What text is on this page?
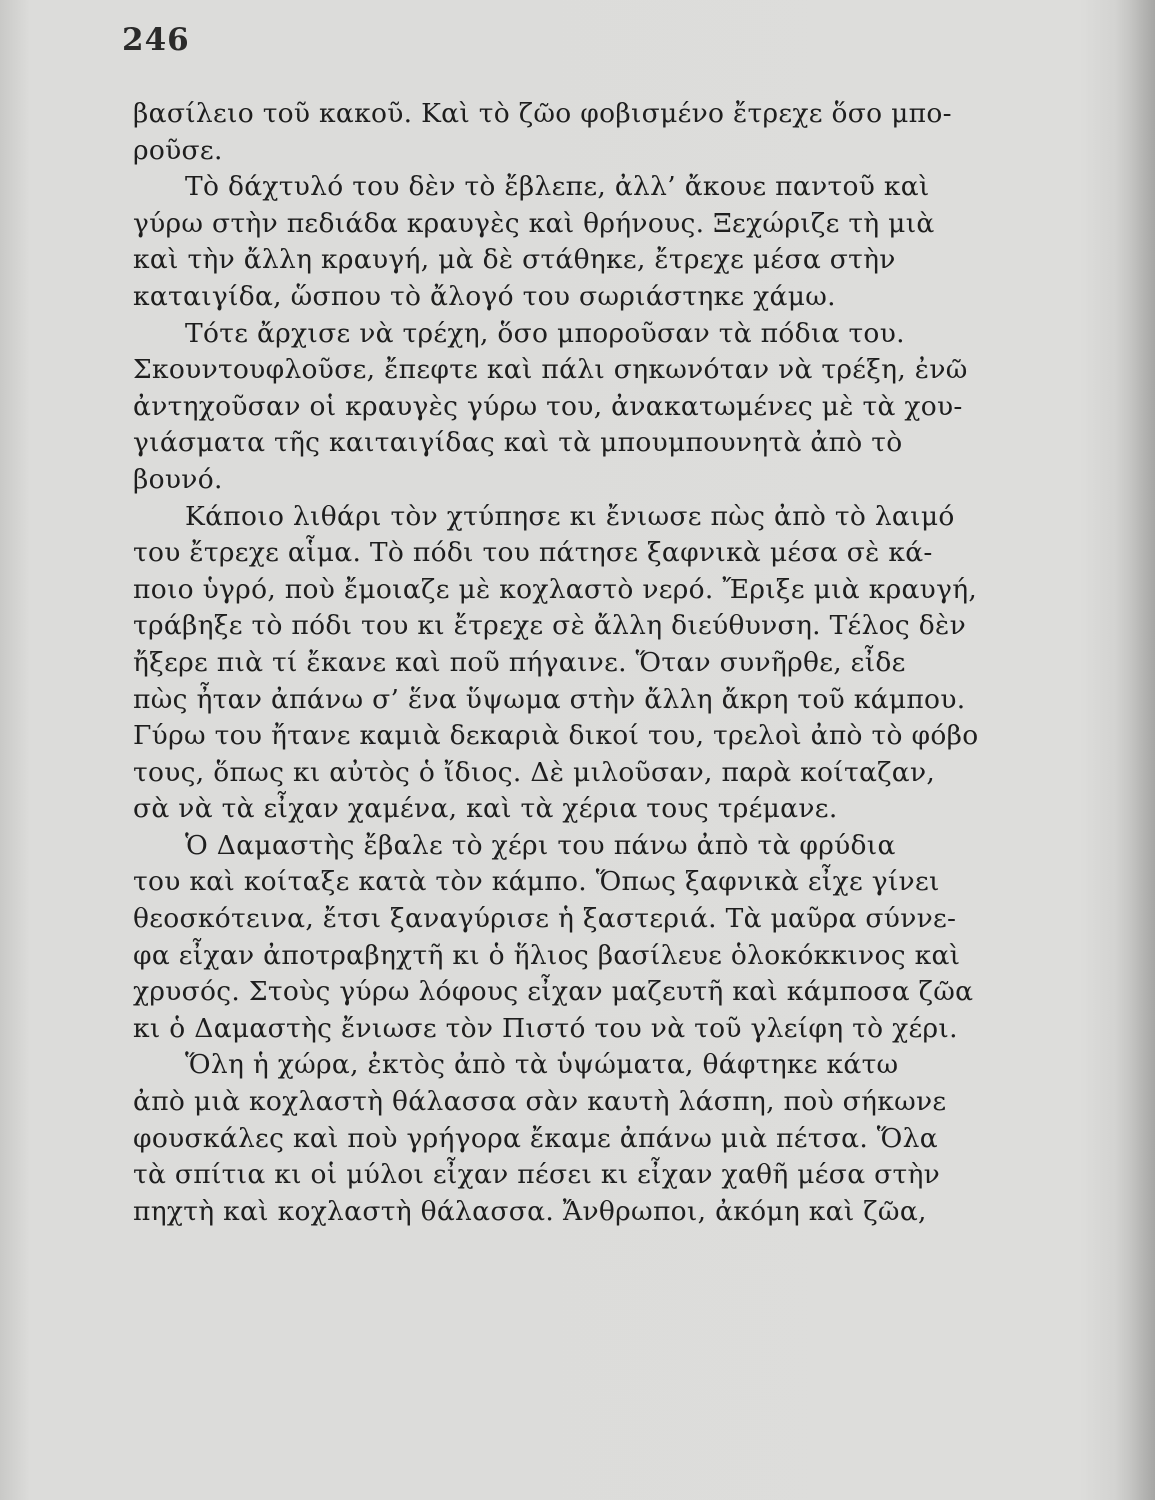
246
βασίλειο τοῦ κακοῦ. Καὶ τὸ ζῶο φοβισμένο ἔτρεχε ὅσο μπο-
ροῦσε.
Τὸ δάχτυλό του δὲν τὸ ἔβλεπε, ἀλλ’ ἄκουε παντοῦ καὶ
γύρω στὴν πεδιάδα κραυγὲς καὶ θρήνους. Ξεχώριζε τὴ μιὰ
καὶ τὴν ἄλλη κραυγή, μὰ δὲ στάθηκε, ἔτρεχε μέσα στὴν
καταιγίδα, ὥσπου τὸ ἄλογό του σωριάστηκε χάμω.
Τότε ἄρχισε νὰ τρέχη, ὅσο μποροῦσαν τὰ πόδια του.
Σκουντουφλοῦσε, ἔπεφτε καὶ πάλι σηκωνόταν νὰ τρέξη, ἐνῶ
ἀντηχοῦσαν οἱ κραυγὲς γύρω του, ἀνακατωμένες μὲ τὰ χου-
γιάσματα τῆς καιταιγίδας καὶ τὰ μπουμπουνητὰ ἀπὸ τὸ
βουνό.
Κάποιο λιθάρι τὸν χτύπησε κι ἔνιωσε πὼς ἀπὸ τὸ λαιμό
του ἔτρεχε αἷμα. Τὸ πόδι του πάτησε ξαφνικὰ μέσα σὲ κά-
ποιο ὑγρό, ποὺ ἔμοιαζε μὲ κοχλαστὸ νερό. Ἔριξε μιὰ κραυγή,
τράβηξε τὸ πόδι του κι ἔτρεχε σὲ ἄλλη διεύθυνση. Τέλος δὲν
ἤξερε πιὰ τί ἔκανε καὶ ποῦ πήγαινε. Ὅταν συνῆρθε, εἶδε
πὼς ἦταν ἀπάνω σ’ ἕνα ὕψωμα στὴν ἄλλη ἄκρη τοῦ κάμπου.
Γύρω του ἤτανε καμιὰ δεκαριὰ δικοί του, τρελοὶ ἀπὸ τὸ φόβο
τους, ὅπως κι αὐτὸς ὁ ἴδιος. Δὲ μιλοῦσαν, παρὰ κοίταζαν,
σὰ νὰ τὰ εἶχαν χαμένα, καὶ τὰ χέρια τους τρέμανε.
Ὁ Δαμαστὴς ἔβαλε τὸ χέρι του πάνω ἀπὸ τὰ φρύδια
του καὶ κοίταξε κατὰ τὸν κάμπο. Ὅπως ξαφνικὰ εἶχε γίνει
θεοσκότεινα, ἔτσι ξαναγύρισε ἡ ξαστεριά. Τὰ μαῦρα σύννε-
φα εἶχαν ἀποτραβηχτῆ κι ὁ ἥλιος βασίλευε ὁλοκόκκινος καὶ
χρυσός. Στοὺς γύρω λόφους εἶχαν μαζευτῆ καὶ κάμποσα ζῶα
κι ὁ Δαμαστὴς ἔνιωσε τὸν Πιστό του νὰ τοῦ γλείφη τὸ χέρι.
Ὅλη ἡ χώρα, ἐκτὸς ἀπὸ τὰ ὑψώματα, θάφτηκε κάτω
ἀπὸ μιὰ κοχλαστὴ θάλασσα σὰν καυτὴ λάσπη, ποὺ σήκωνε
φουσκάλες καὶ ποὺ γρήγορα ἔκαμε ἀπάνω μιὰ πέτσα. Ὅλα
τὰ σπίτια κι οἱ μύλοι εἶχαν πέσει κι εἶχαν χαθῆ μέσα στὴν
πηχτὴ καὶ κοχλαστὴ θάλασσα. Ἄνθρωποι, ἀκόμη καὶ ζῶα,
